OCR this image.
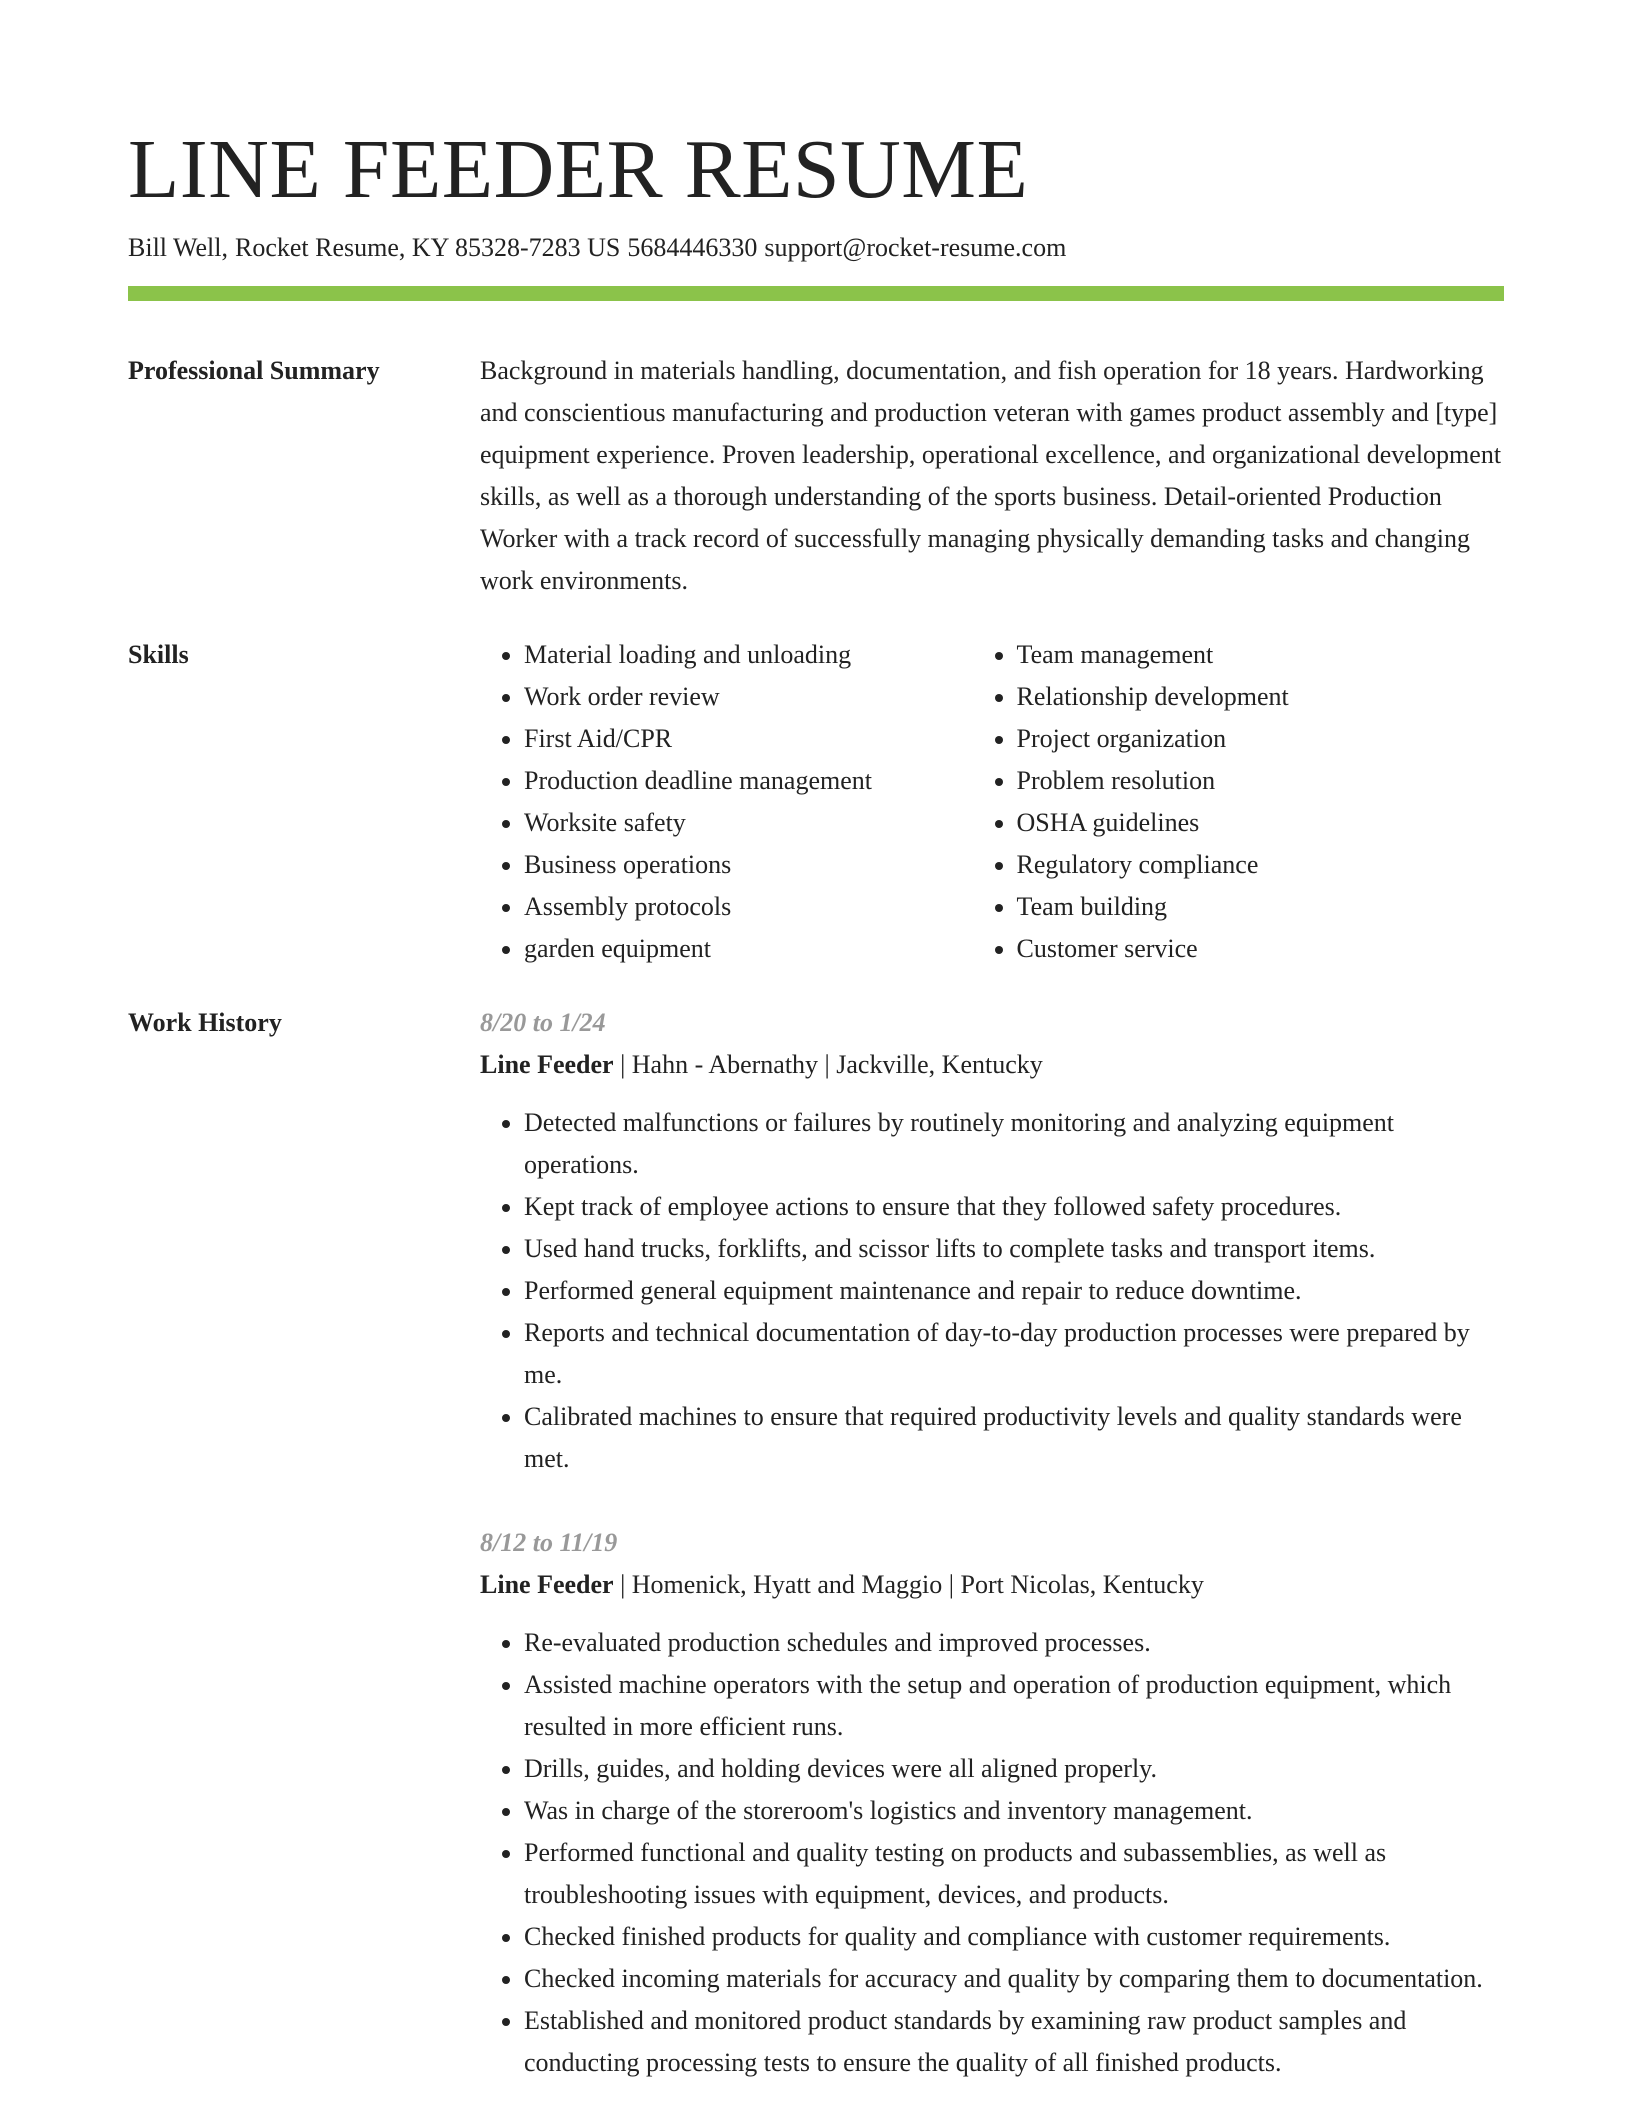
LINE FEEDER RESUME
Bill Well, Rocket Resume, KY 85328-7283 US 5684446330 support@rocket-resume.com
Professional Summary	Background in materials handling, documentation, and fish operation for 18 years. Hardworking and conscientious manufacturing and production veteran with games product assembly and [type] equipment experience. Proven leadership, operational excellence, and organizational development skills, as well as a thorough understanding of the sports business. Detail-oriented Production Worker with a track record of successfully managing physically demanding tasks and changing work environments.

Skills
•	Material loading and unloading
• Work order review
• First Aid/CPR
• Production deadline management
• Worksite safety
• Business operations
• Assembly protocols
• garden equipment
• Team management
• Relationship development
• Project organization
• Problem resolution
• OSHA guidelines
• Regulatory compliance
• Team building
• Customer service
Work History	8/20 to 1/24
Line Feeder | Hahn - Abernathy | Jackville, Kentucky
• Detected malfunctions or failures by routinely monitoring and analyzing equipment operations.
• Kept track of employee actions to ensure that they followed safety procedures.
• Used hand trucks, forklifts, and scissor lifts to complete tasks and transport items.
• Performed general equipment maintenance and repair to reduce downtime.
• Reports and technical documentation of day-to-day production processes were prepared by me.
• Calibrated machines to ensure that required productivity levels and quality standards were met.
8/12 to 11/19
Line Feeder | Homenick, Hyatt and Maggio | Port Nicolas, Kentucky
• Re-evaluated production schedules and improved processes.
• Assisted machine operators with the setup and operation of production equipment, which resulted in more efficient runs.
• Drills, guides, and holding devices were all aligned properly.
• Was in charge of the storeroom's logistics and inventory management.
• Performed functional and quality testing on products and subassemblies, as well as troubleshooting issues with equipment, devices, and products.
• Checked finished products for quality and compliance with customer requirements.
• Checked incoming materials for accuracy and quality by comparing them to documentation.
• Established and monitored product standards by examining raw product samples and conducting processing tests to ensure the quality of all finished products.
